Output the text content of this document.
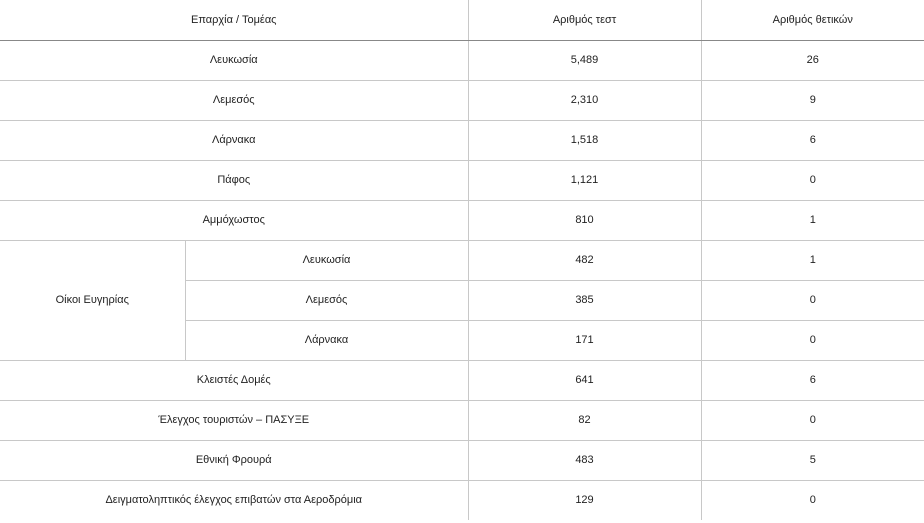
Επαρχία / Τομέας		Αριθμός τεστ	Αριθμός θετικών
Λευκωσία		5,489	26
Λεμεσός		2,310	9
Λάρνακα		1,518	6
Πάφος		1,121	0
Αμμόχωστος		810	1
Οίκοι Ευγηρίας	Λευκωσία	482	1
	Λεμεσός	385	0
	Λάρνακα	171	0
Κλειστές Δομές		641	6
Έλεγχος τουριστών – ΠΑΣΥΞΕ		82	0
Εθνική Φρουρά		483	5
Δειγματοληπτικός έλεγχος επιβατών στα Αεροδρόμια		129	0
